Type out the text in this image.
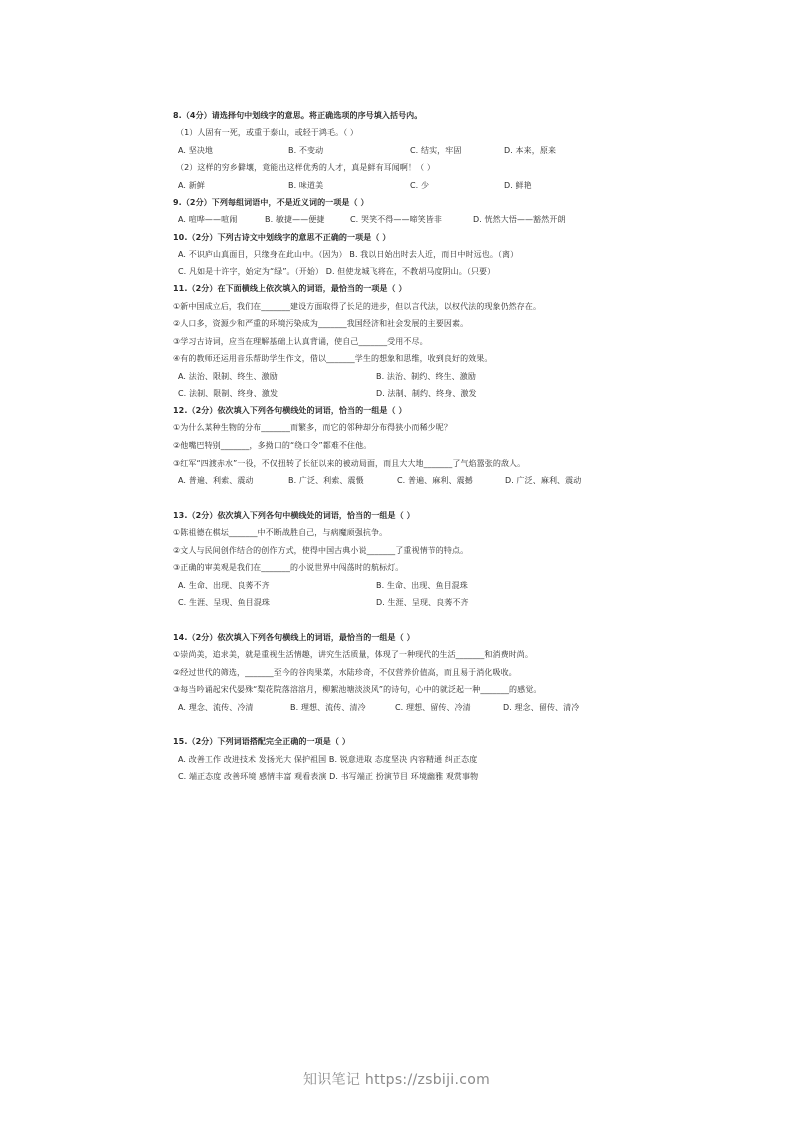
8.（4分）请选择句中划线字的意思。将正确选项的序号填入括号内。
（1）人固有一死，或重于泰山，或轻于鸿毛。（ ）
A. 坚决地	B. 不变动	C. 结实，牢固	D. 本来，原来
（2）这样的穷乡僻壤，竟能出这样优秀的人才，真是鲜有耳闻啊！（ ）
A. 新鲜	B. 味道美	C. 少	D. 鲜艳
9.（2分）下列每组词语中，不是近义词的一项是（ ）
A. 喧哗——喧闹	B. 敏捷——便捷	C. 哭笑不得——啼笑皆非	D. 恍然大悟——豁然开朗
10.（2分）下列古诗文中划线字的意思不正确的一项是（ ）
A. 不识庐山真面目，只缘身在此山中。（因为） B. 我以日始出时去人近，而日中时远也。（离）
C. 凡如是十许字，始定为“绿”。（开始） D. 但使龙城飞将在，不教胡马度阴山。（只要）
11.（2分）在下面横线上依次填入的词语，最恰当的一项是（ ）
①新中国成立后，我们在_______建设方面取得了长足的进步，但以言代法，以权代法的现象仍然存在。
②人口多，资源少和严重的环境污染成为_______我国经济和社会发展的主要因素。
③学习古诗词，应当在理解基础上认真背诵，使自己_______受用不尽。
④有的教师还运用音乐帮助学生作文，借以_______学生的想象和思维，收到良好的效果。
A. 法治、限制、终生、激励	B. 法治、制约、终生、激励
C. 法制、限制、终身、激发	D. 法制、制约、终身、激发
12.（2分）依次填入下列各句横线处的词语，恰当的一组是（ ）
①为什么某种生物的分布_______而繁多，而它的邻种却分布得狭小而稀少呢？
②他嘴巴特别_______，多拗口的“绕口令”都难不住他。
③红军“四渡赤水”一役，不仅扭转了长征以来的被动局面，而且大大地_______了气焰嚣张的敌人。
A. 普遍、利索、震动	B. 广泛、利索、震慑	C. 普遍、麻利、震撼	D. 广泛、麻利、震动
13.（2分）依次填入下列各句中横线处的词语，恰当的一组是（ ）
①陈祖德在棋坛_______中不断战胜自己，与病魔顽强抗争。
②文人与民间创作结合的创作方式，使得中国古典小说_______了重视情节的特点。
③正确的审美观是我们在_______的小说世界中闯荡时的航标灯。
A. 生命、出现、良莠不齐	B. 生命、出现、鱼目混珠
C. 生涯、呈现、鱼目混珠	D. 生涯、呈现、良莠不齐
14.（2分）依次填入下列各句横线上的词语，最恰当的一组是（ ）
①崇尚美，追求美，就是重视生活情趣，讲究生活质量，体现了一种现代的生活_______和消费时尚。
②经过世代的筛选，_______至今的谷肉果菜，水陆珍奇，不仅营养价值高，而且易于消化吸收。
③每当吟诵起宋代晏殊“梨花院落溶溶月，柳絮池塘淡淡风”的诗句，心中的就泛起一种_______的感觉。
A. 理念、流传、冷清	B. 理想、流传、清冷	C. 理想、留传、冷清	D. 理念、留传、清冷
15.（2分）下列词语搭配完全正确的一项是（ ）
A. 改善工作 改进技术 发扬光大 保护祖国 B. 锐意进取 态度坚决 内容精通 纠正态度
C. 端正态度 改善环境 感情丰富 观看表演 D. 书写端正 扮演节目 环境幽雅 观赏事物
知识笔记 https://zsbiji.com
